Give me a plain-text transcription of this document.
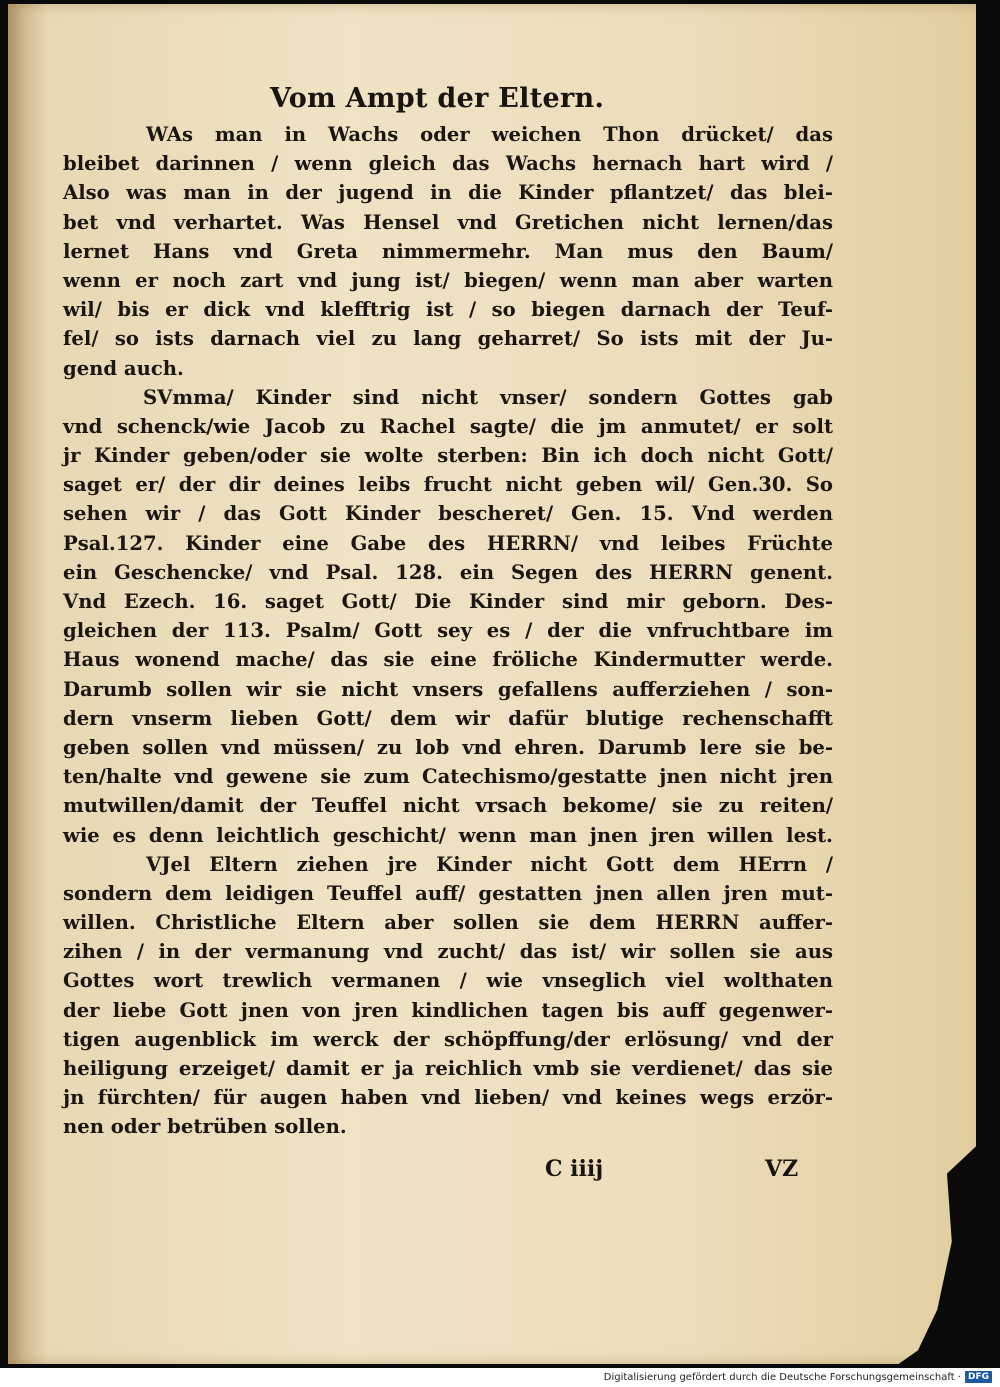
Vom Ampt der Eltern.
WAs man in Wachs oder weichen Thon drücket/ das
bleibet darinnen / wenn gleich das Wachs hernach hart wird /
Also was man in der jugend in die Kinder pflantzet/ das blei-
bet vnd verhartet. Was Hensel vnd Gretichen nicht lernen/das
lernet Hans vnd Greta nimmermehr. Man mus den Baum/
wenn er noch zart vnd jung ist/ biegen/ wenn man aber warten
wil/ bis er dick vnd klefftrig ist / so biegen darnach der Teuf-
fel/ so ists darnach viel zu lang geharret/ So ists mit der Ju-
gend auch.
SVmma/ Kinder sind nicht vnser/ sondern Gottes gab
vnd schenck/wie Jacob zu Rachel sagte/ die jm anmutet/ er solt
jr Kinder geben/oder sie wolte sterben: Bin ich doch nicht Gott/
saget er/ der dir deines leibs frucht nicht geben wil/ Gen.30. So
sehen wir / das Gott Kinder bescheret/ Gen. 15. Vnd werden
Psal.127. Kinder eine Gabe des HERRN/ vnd leibes Früchte
ein Geschencke/ vnd Psal. 128. ein Segen des HERRN genent.
Vnd Ezech. 16. saget Gott/ Die Kinder sind mir geborn. Des-
gleichen der 113. Psalm/ Gott sey es / der die vnfruchtbare im
Haus wonend mache/ das sie eine fröliche Kindermutter werde.
Darumb sollen wir sie nicht vnsers gefallens aufferziehen / son-
dern vnserm lieben Gott/ dem wir dafür blutige rechenschafft
geben sollen vnd müssen/ zu lob vnd ehren. Darumb lere sie be-
ten/halte vnd gewene sie zum Catechismo/gestatte jnen nicht jren
mutwillen/damit der Teuffel nicht vrsach bekome/ sie zu reiten/
wie es denn leichtlich geschicht/ wenn man jnen jren willen lest.
VJel Eltern ziehen jre Kinder nicht Gott dem HErrn /
sondern dem leidigen Teuffel auff/ gestatten jnen allen jren mut-
willen. Christliche Eltern aber sollen sie dem HERRN auffer-
zihen / in der vermanung vnd zucht/ das ist/ wir sollen sie aus
Gottes wort trewlich vermanen / wie vnseglich viel wolthaten
der liebe Gott jnen von jren kindlichen tagen bis auff gegenwer-
tigen augenblick im werck der schöpffung/der erlösung/ vnd der
heiligung erzeiget/ damit er ja reichlich vmb sie verdienet/ das sie
jn fürchten/ für augen haben vnd lieben/ vnd keines wegs erzör-
nen oder betrüben sollen.
C iiij	VZ
Digitalisierung gefördert durch die Deutsche Forschungsgemeinschaft · DFG
